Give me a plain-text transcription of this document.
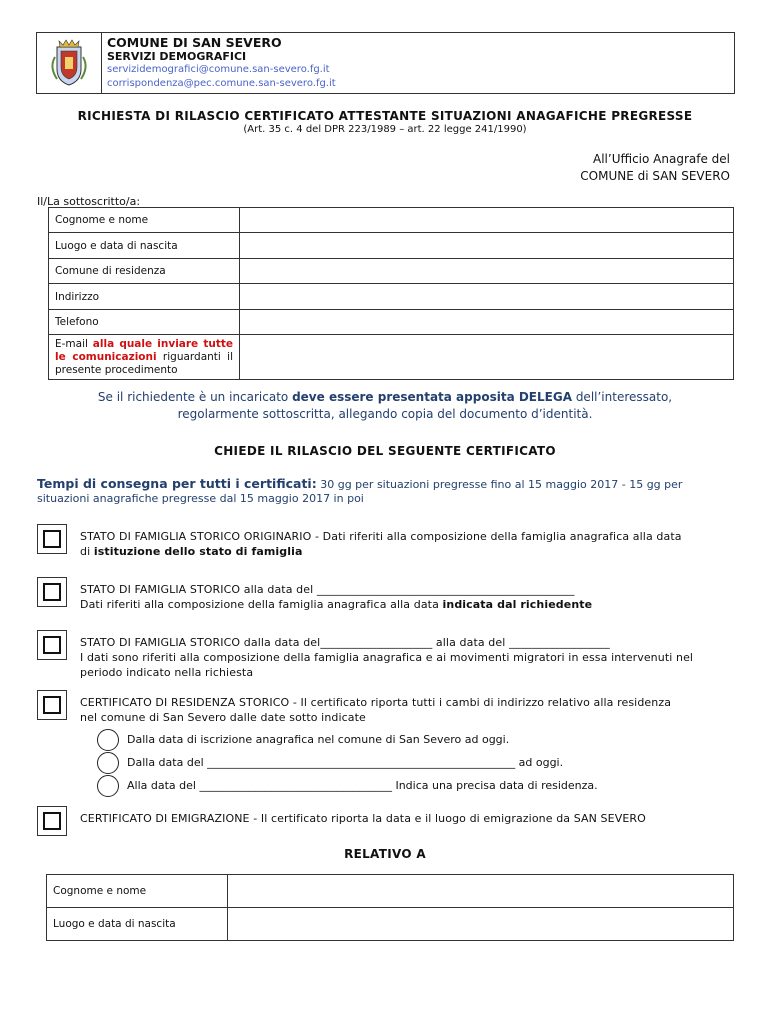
COMUNE DI SAN SEVERO
SERVIZI DEMOGRAFICI
servizidemografici@comune.san-severo.fg.it
corrispondenza@pec.comune.san-severo.fg.it
RICHIESTA DI RILASCIO CERTIFICATO ATTESTANTE SITUAZIONI ANAGAFICHE PREGRESSE
(Art. 35 c. 4 del DPR 223/1989 – art. 22 legge 241/1990)
All’Ufficio Anagrafe del
COMUNE di SAN SEVERO
Il/La sottoscritto/a:
Cognome e nome	
Luogo e data di nascita	
Comune di residenza	
Indirizzo	
Telefono	
E-mail alla quale inviare tutte le comunicazioni riguardanti il presente procedimento	
Se il richiedente è un incaricato deve essere presentata apposita DELEGA dell’interessato,
regolarmente sottoscritta, allegando copia del documento d’identità.
CHIEDE IL RILASCIO DEL SEGUENTE CERTIFICATO
Tempi di consegna per tutti i certificati: 30 gg per situazioni pregresse fino al 15 maggio 2017 - 15 gg per situazioni anagrafiche pregresse dal 15 maggio 2017 in poi
STATO DI FAMIGLIA STORICO ORIGINARIO - Dati riferiti alla composizione della famiglia anagrafica alla data
di istituzione dello stato di famiglia
STATO DI FAMIGLIA STORICO alla data del ______________________________________________
Dati riferiti alla composizione della famiglia anagrafica alla data indicata dal richiedente
STATO DI FAMIGLIA STORICO dalla data del____________________ alla data del __________________
I dati sono riferiti alla composizione della famiglia anagrafica e ai movimenti migratori in essa intervenuti nel periodo indicato nella richiesta
CERTIFICATO DI RESIDENZA STORICO - Il certificato riporta tutti i cambi di indirizzo relativo alla residenza nel comune di San Severo dalle date sotto indicate
Dalla data di iscrizione anagrafica nel comune di San Severo ad oggi.
Dalla data del ________________________________________________________ ad oggi.
Alla data del ___________________________________ Indica una precisa data di residenza.
CERTIFICATO DI EMIGRAZIONE - Il certificato riporta la data e il luogo di emigrazione da SAN SEVERO
RELATIVO A
Cognome e nome	
Luogo e data di nascita	
